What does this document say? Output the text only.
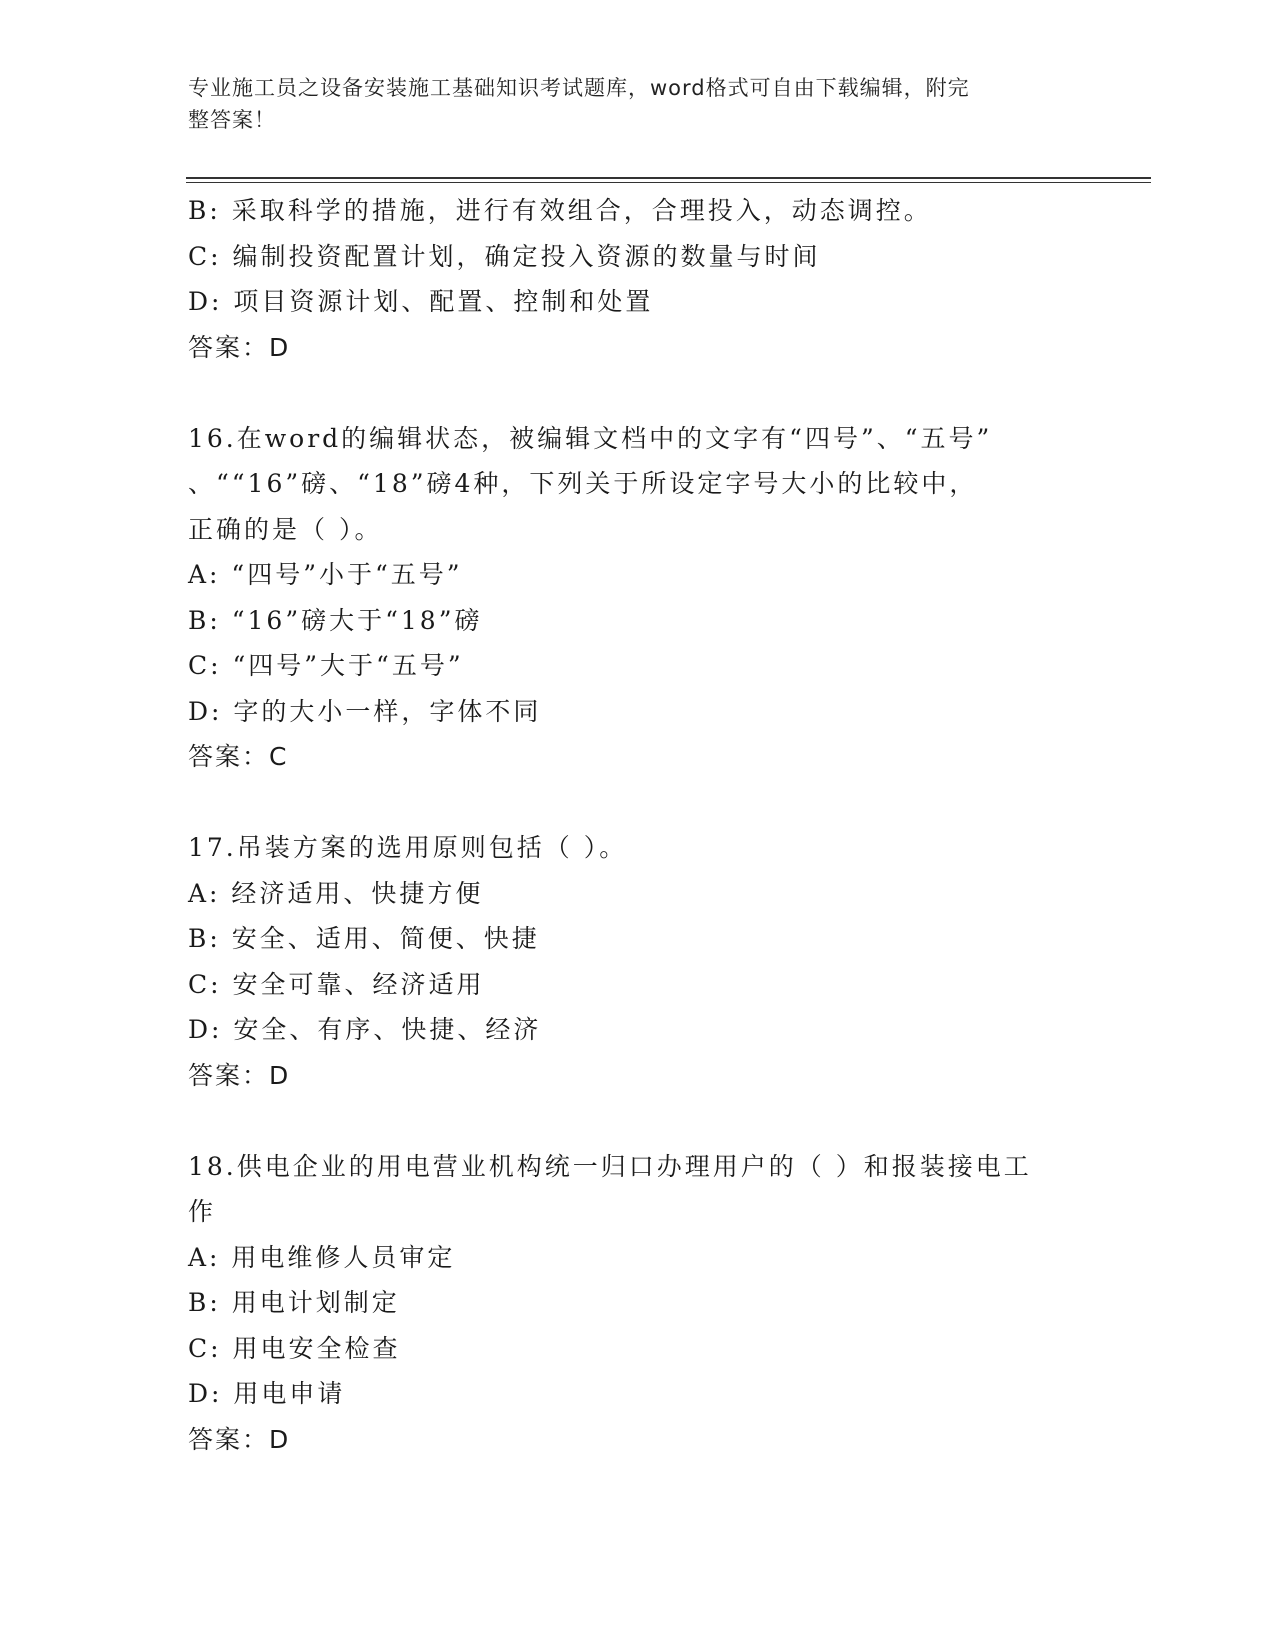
专业施工员之设备安装施工基础知识考试题库，word格式可自由下载编辑，附完
整答案！
B: 采取科学的措施，进行有效组合，合理投入，动态调控。
C: 编制投资配置计划，确定投入资源的数量与时间
D: 项目资源计划、配置、控制和处置
答案：D
16.在word的编辑状态，被编辑文档中的文字有“四号”、“五号”
、““16”磅、“18”磅4种，下列关于所设定字号大小的比较中，
正确的是（ ）。
A: “四号”小于“五号”
B: “16”磅大于“18”磅
C: “四号”大于“五号”
D: 字的大小一样，字体不同
答案：C
17.吊装方案的选用原则包括（ ）。
A: 经济适用、快捷方便
B: 安全、适用、简便、快捷
C: 安全可靠、经济适用
D: 安全、有序、快捷、经济
答案：D
18.供电企业的用电营业机构统一归口办理用户的（ ）和报装接电工
作
A: 用电维修人员审定
B: 用电计划制定
C: 用电安全检查
D: 用电申请
答案：D
